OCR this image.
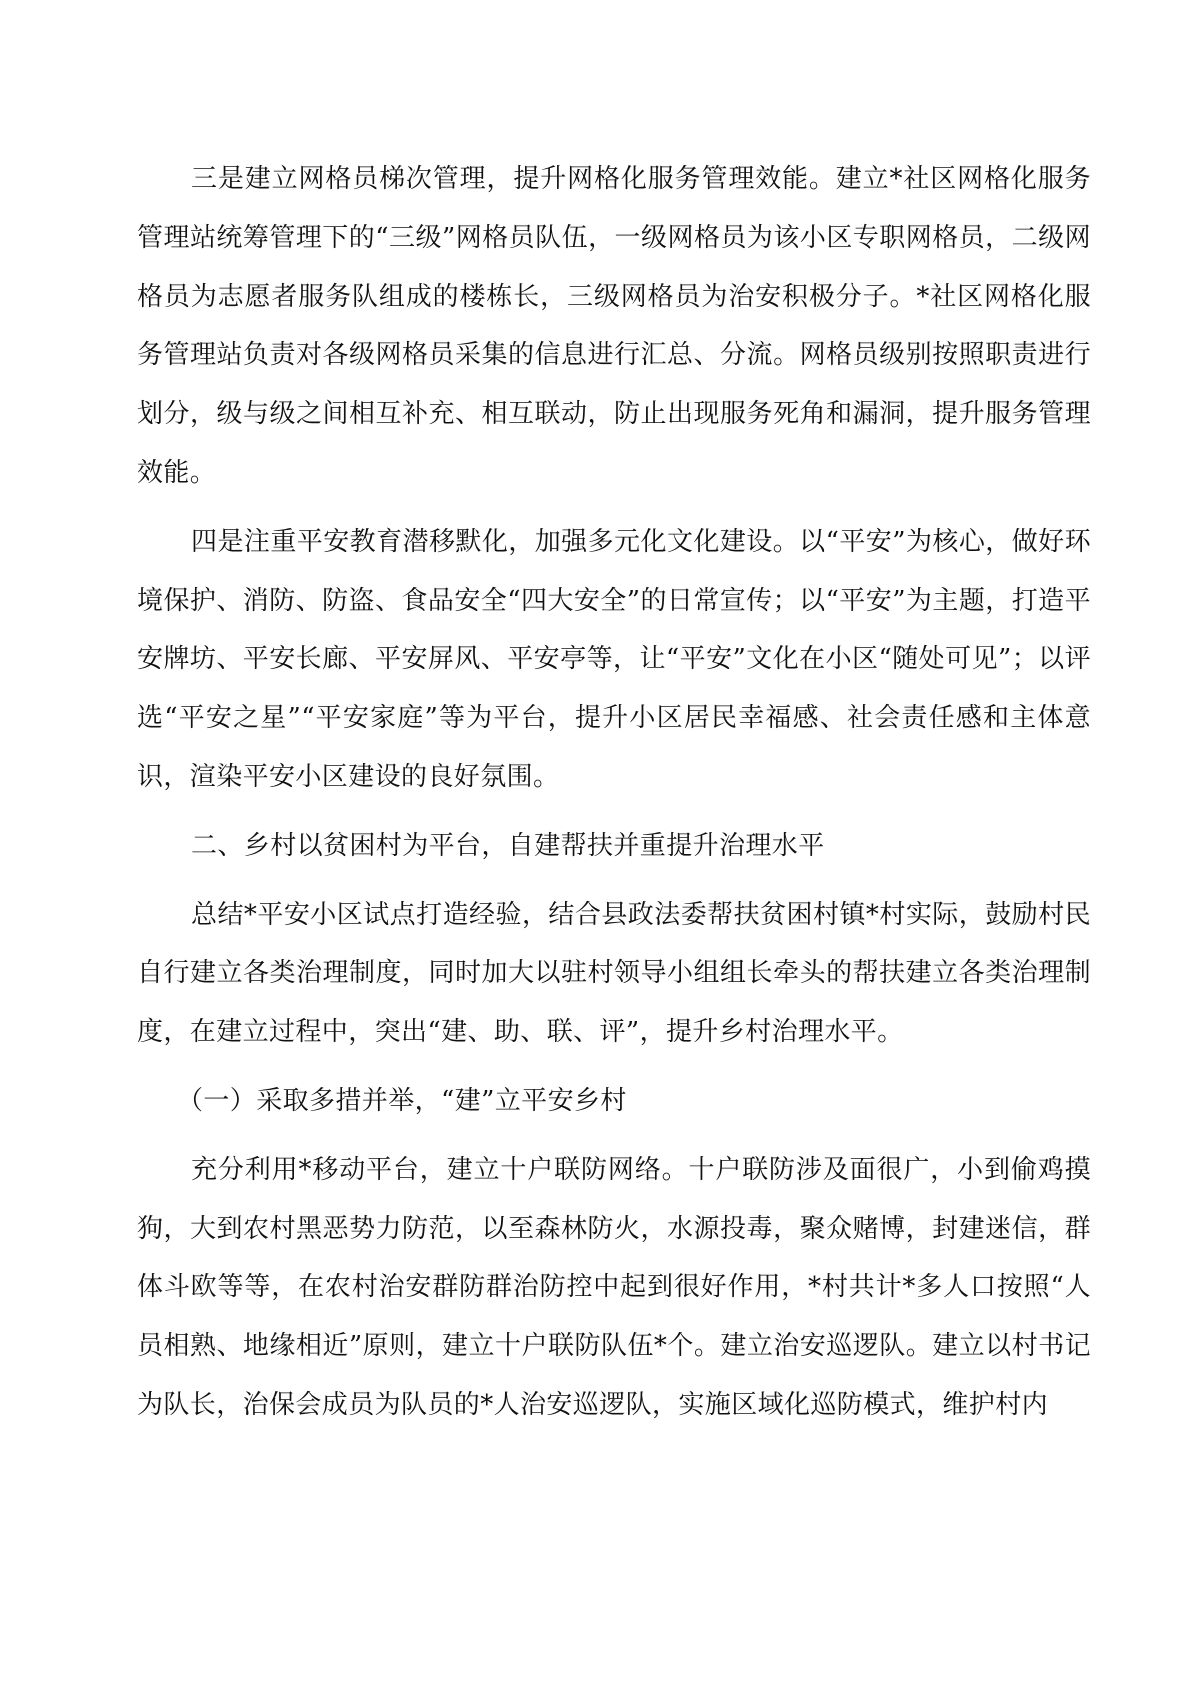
三是建立网格员梯次管理，提升网格化服务管理效能。建立*社区网格化服务管理站统筹管理下的“三级”网格员队伍，一级网格员为该小区专职网格员，二级网格员为志愿者服务队组成的楼栋长，三级网格员为治安积极分子。*社区网格化服务管理站负责对各级网格员采集的信息进行汇总、分流。网格员级别按照职责进行划分，级与级之间相互补充、相互联动，防止出现服务死角和漏洞，提升服务管理效能。

四是注重平安教育潜移默化，加强多元化文化建设。以“平安”为核心，做好环境保护、消防、防盗、食品安全“四大安全”的日常宣传；以“平安”为主题，打造平安牌坊、平安长廊、平安屏风、平安亭等，让“平安”文化在小区“随处可见”；以评选“平安之星”“平安家庭”等为平台，提升小区居民幸福感、社会责任感和主体意识，渲染平安小区建设的良好氛围。

二、乡村以贫困村为平台，自建帮扶并重提升治理水平

总结*平安小区试点打造经验，结合县政法委帮扶贫困村镇*村实际，鼓励村民自行建立各类治理制度，同时加大以驻村领导小组组长牵头的帮扶建立各类治理制度，在建立过程中，突出“建、助、联、评”，提升乡村治理水平。

（一）采取多措并举，“建”立平安乡村

充分利用*移动平台，建立十户联防网络。十户联防涉及面很广，小到偷鸡摸狗，大到农村黑恶势力防范，以至森林防火，水源投毒，聚众赌博，封建迷信，群体斗欧等等，在农村治安群防群治防控中起到很好作用，*村共计*多人口按照“人员相熟、地缘相近”原则，建立十户联防队伍*个。建立治安巡逻队。建立以村书记为队长，治保会成员为队员的*人治安巡逻队，实施区域化巡防模式，维护村内
